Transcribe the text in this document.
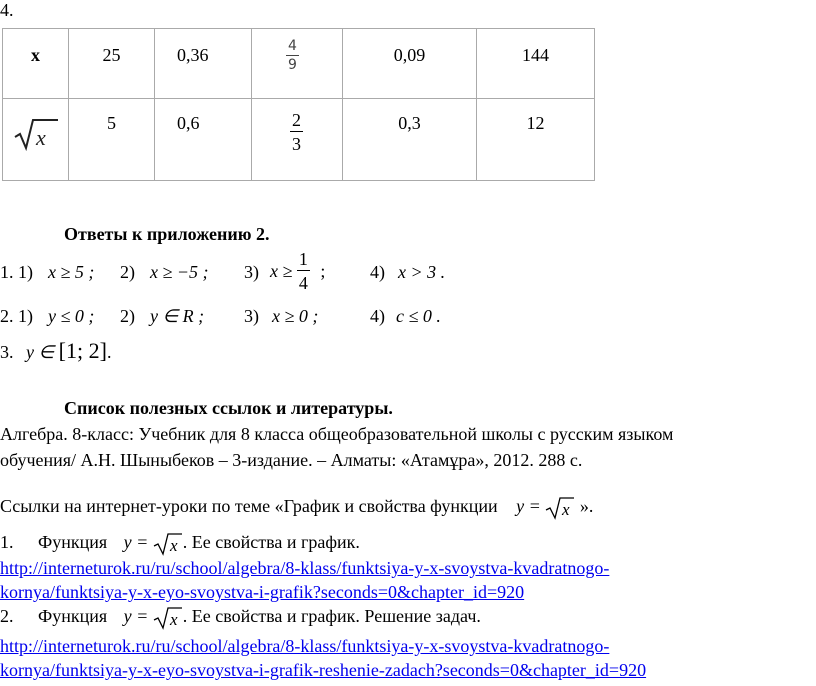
4.
x	25	0,36	$\frac{4}{9}$	0,09	144

x	5	0,6	$\frac{2}{3}$	0,3	12
Ответы к приложению 2.
1. 1) x ≥ 5 ; 2) x ≥ −5 ; 3) $x \ge \frac{1}{4}$ ; 4) x > 3 .
2. 1) y ≤ 0 ; 2) y ∈ R ; 3) x ≥ 0 ;	4) c ≤ 0 .
3. y ∈ [1; 2].
Список полезных ссылок и литературы.
Алгебра. 8-класс: Учебник для 8 класса общеобразовательной школы с русским языком
обучения/ А.Н. Шыныбеков – 3-издание. – Алматы: «Атамұра», 2012. 288 с.
Ссылки на интернет-уроки по теме «График и свойства функции y = x ».
1. Функция y = x . Ее свойства и график.
http://interneturok.ru/ru/school/algebra/8-klass/funktsiya-y-x-svoystva-kvadratnogo-
kornya/funktsiya-y-x-eyo-svoystva-i-grafik?seconds=0&chapter_id=920
2. Функция y = x . Ее свойства и график. Решение задач.
http://interneturok.ru/ru/school/algebra/8-klass/funktsiya-y-x-svoystva-kvadratnogo-
kornya/funktsiya-y-x-eyo-svoystva-i-grafik-reshenie-zadach?seconds=0&chapter_id=920
